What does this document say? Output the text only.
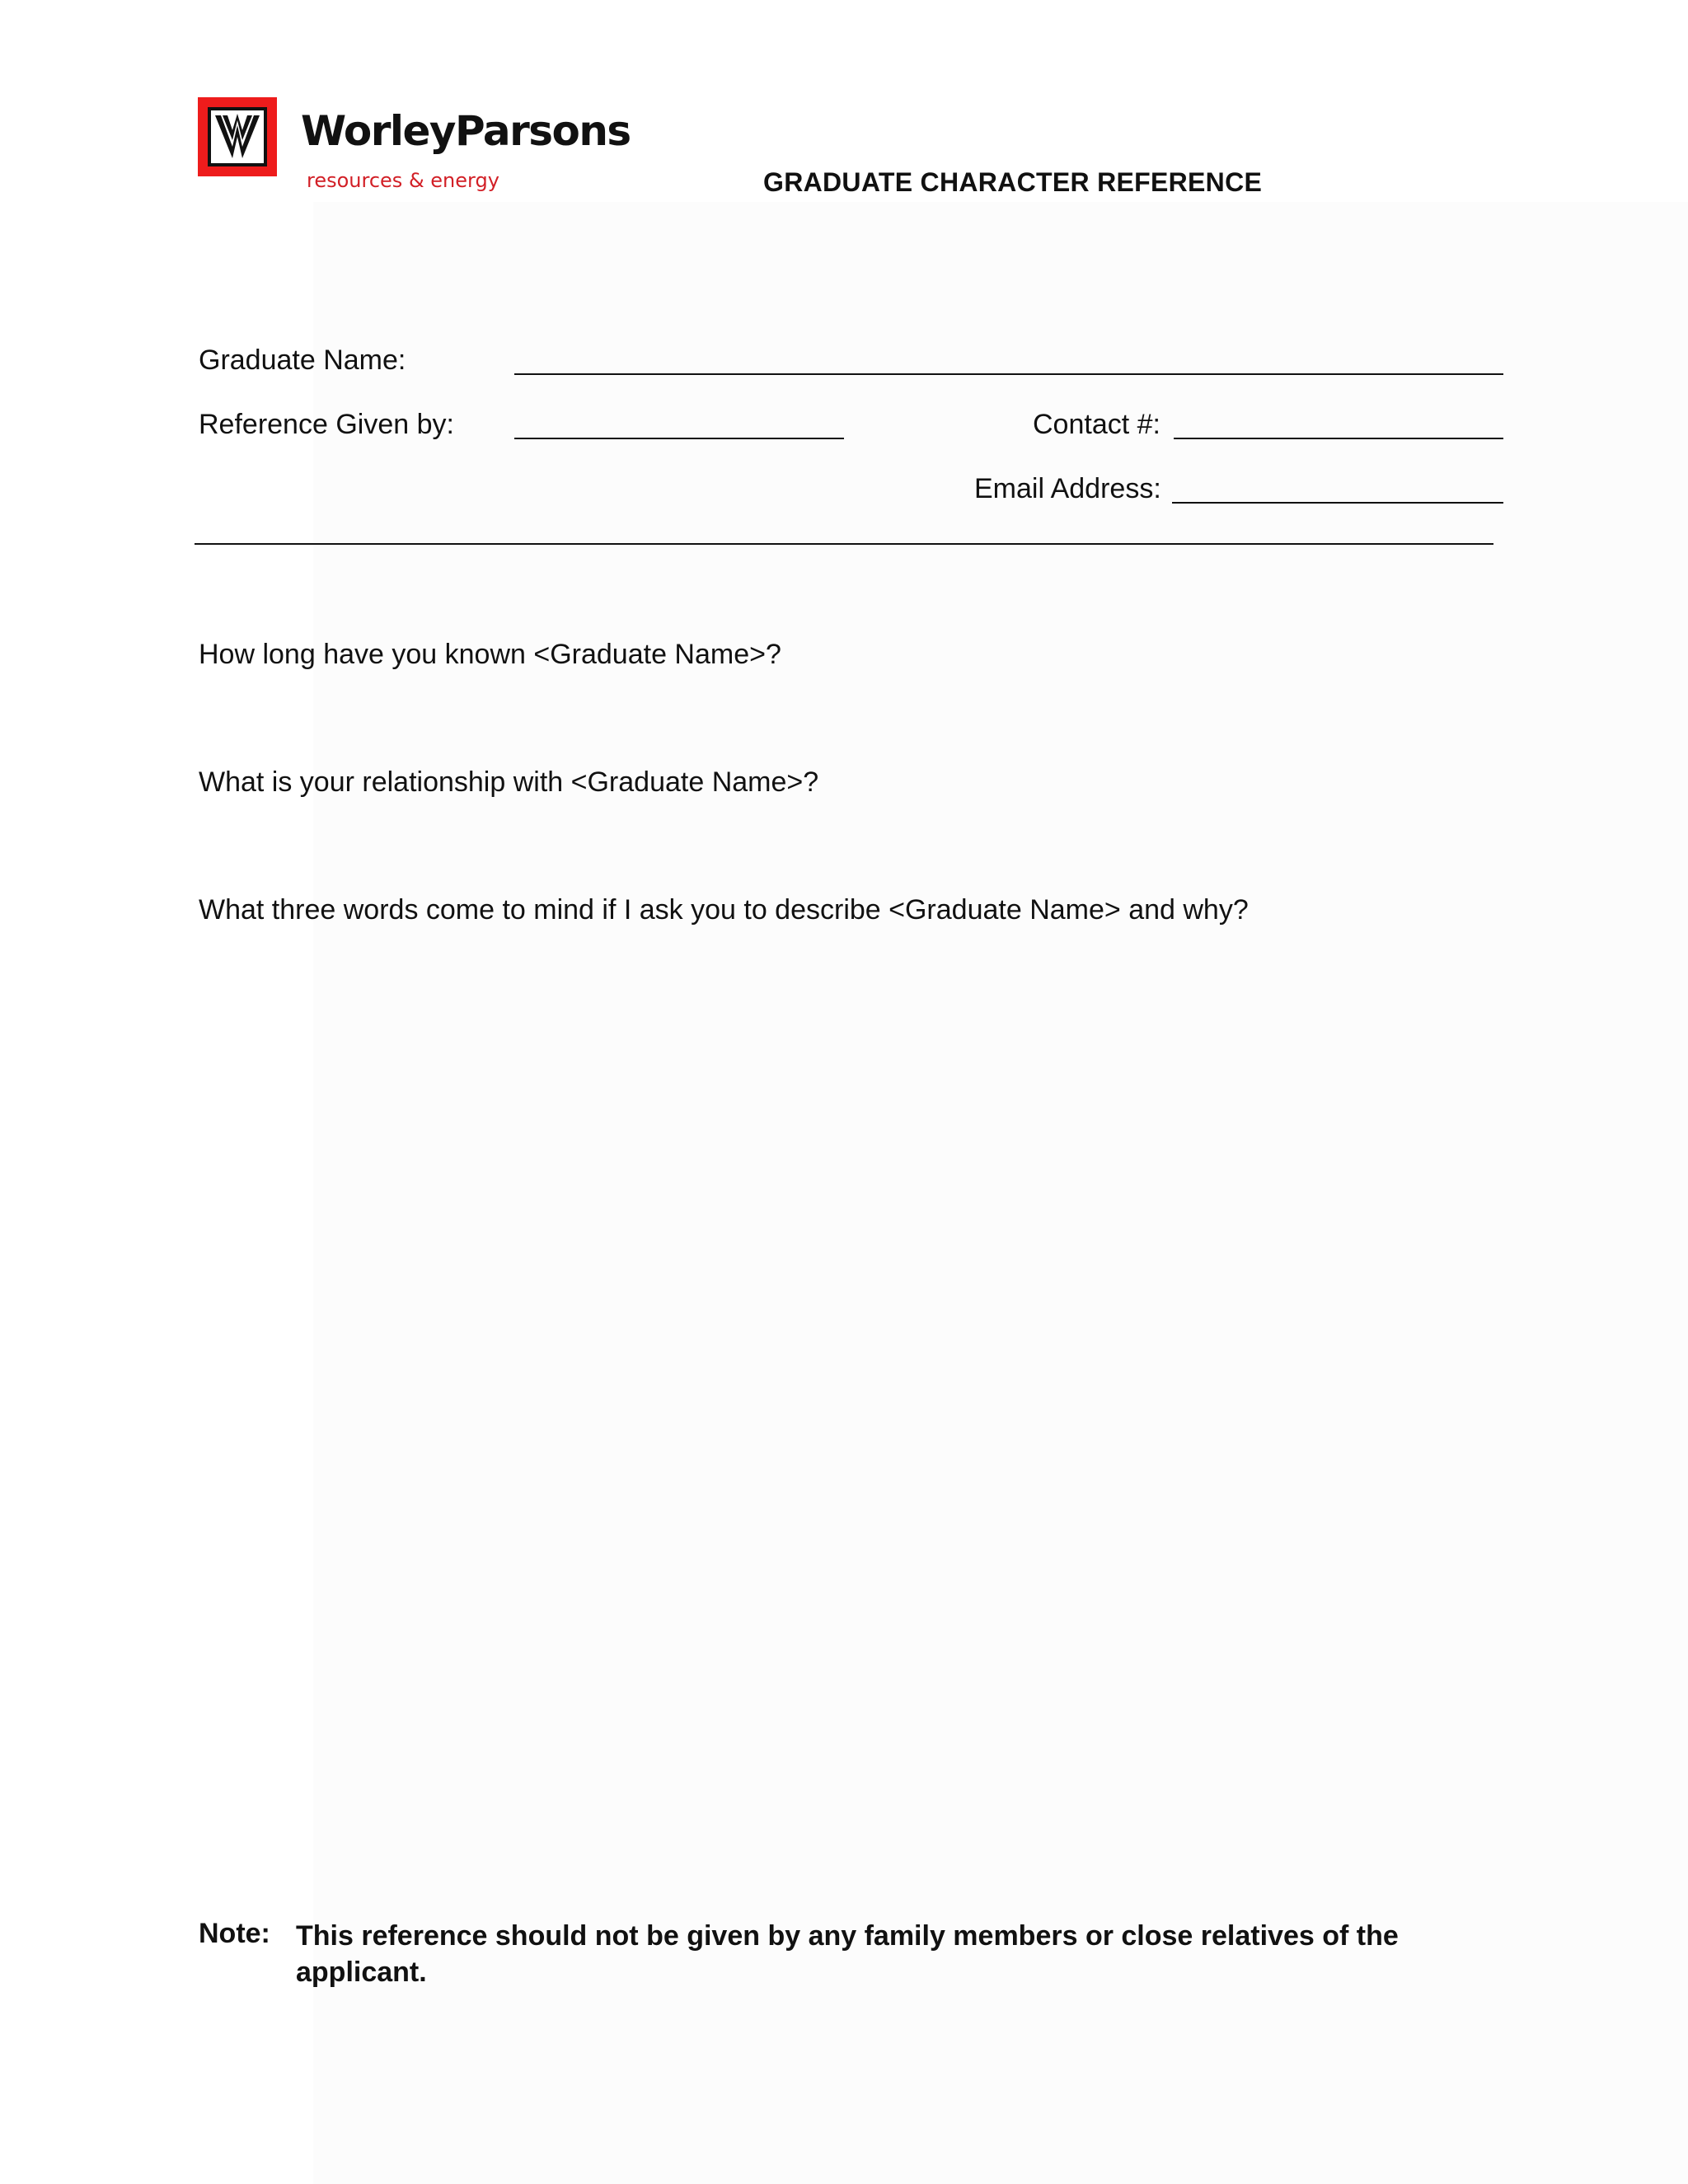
WorleyParsons
resources & energy	GRADUATE CHARACTER REFERENCE
Graduate Name:
Reference Given by:	Contact #:
Email Address:
How long have you known <Graduate Name>?
What is your relationship with <Graduate Name>?
What three words come to mind if I ask you to describe <Graduate Name> and why?
Note: This reference should not be given by any family members or close relatives of the applicant.
